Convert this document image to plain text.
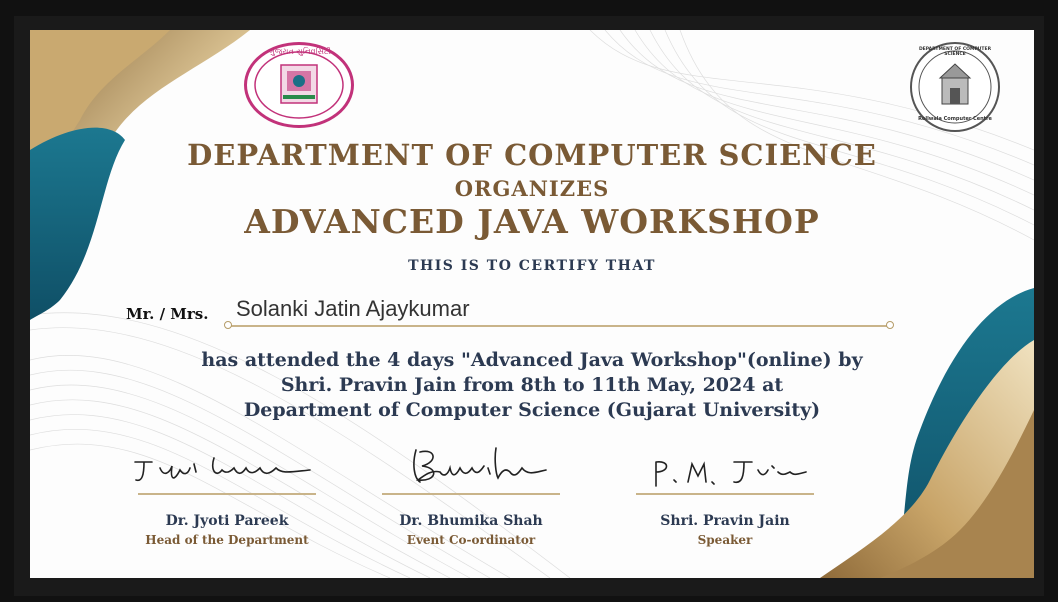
ગુજરાત યુનિવર્સિટી	DEPARTMENT OF COMPUTER SCIENCE
Rollwala Computer Centre
DEPARTMENT OF COMPUTER SCIENCE
ORGANIZES
ADVANCED JAVA WORKSHOP
THIS IS TO CERTIFY THAT
Mr. / Mrs. Solanki Jatin Ajaykumar
has attended the 4 days "Advanced Java Workshop"(online) by
Shri. Pravin Jain from 8th to 11th May, 2024 at
Department of Computer Science (Gujarat University)
Dr. Jyoti Pareek
Head of the Department
Dr. Bhumika Shah
Event Co-ordinator
Shri. Pravin Jain
Speaker
